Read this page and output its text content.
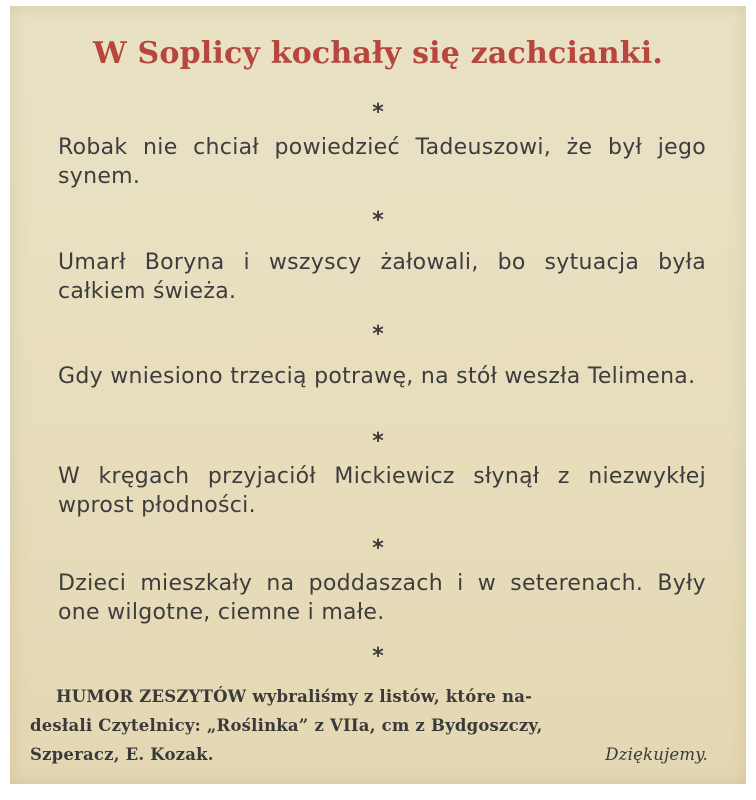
W Soplicy kochały się zachcianki.
*

Robak nie chciał powiedzieć Tadeuszowi, że był jego synem.

*

Umarł Boryna i wszyscy żałowali, bo sytuacja była całkiem świeża.

*

Gdy wniesiono trzecią potrawę, na stół weszła Telimena.

*

W kręgach przyjaciół Mickiewicz słynął z niezwykłej wprost płodności.

*

Dzieci mieszkały na poddaszach i w seterenach. Były one wilgotne, ciemne i małe.

*
HUMOR ZESZYTÓW wybraliśmy z listów, które na-
desłali Czytelnicy: „Roślinka” z VIIa, cm z Bydgoszczy,
Szperacz, E. Kozak.	Dziękujemy.
